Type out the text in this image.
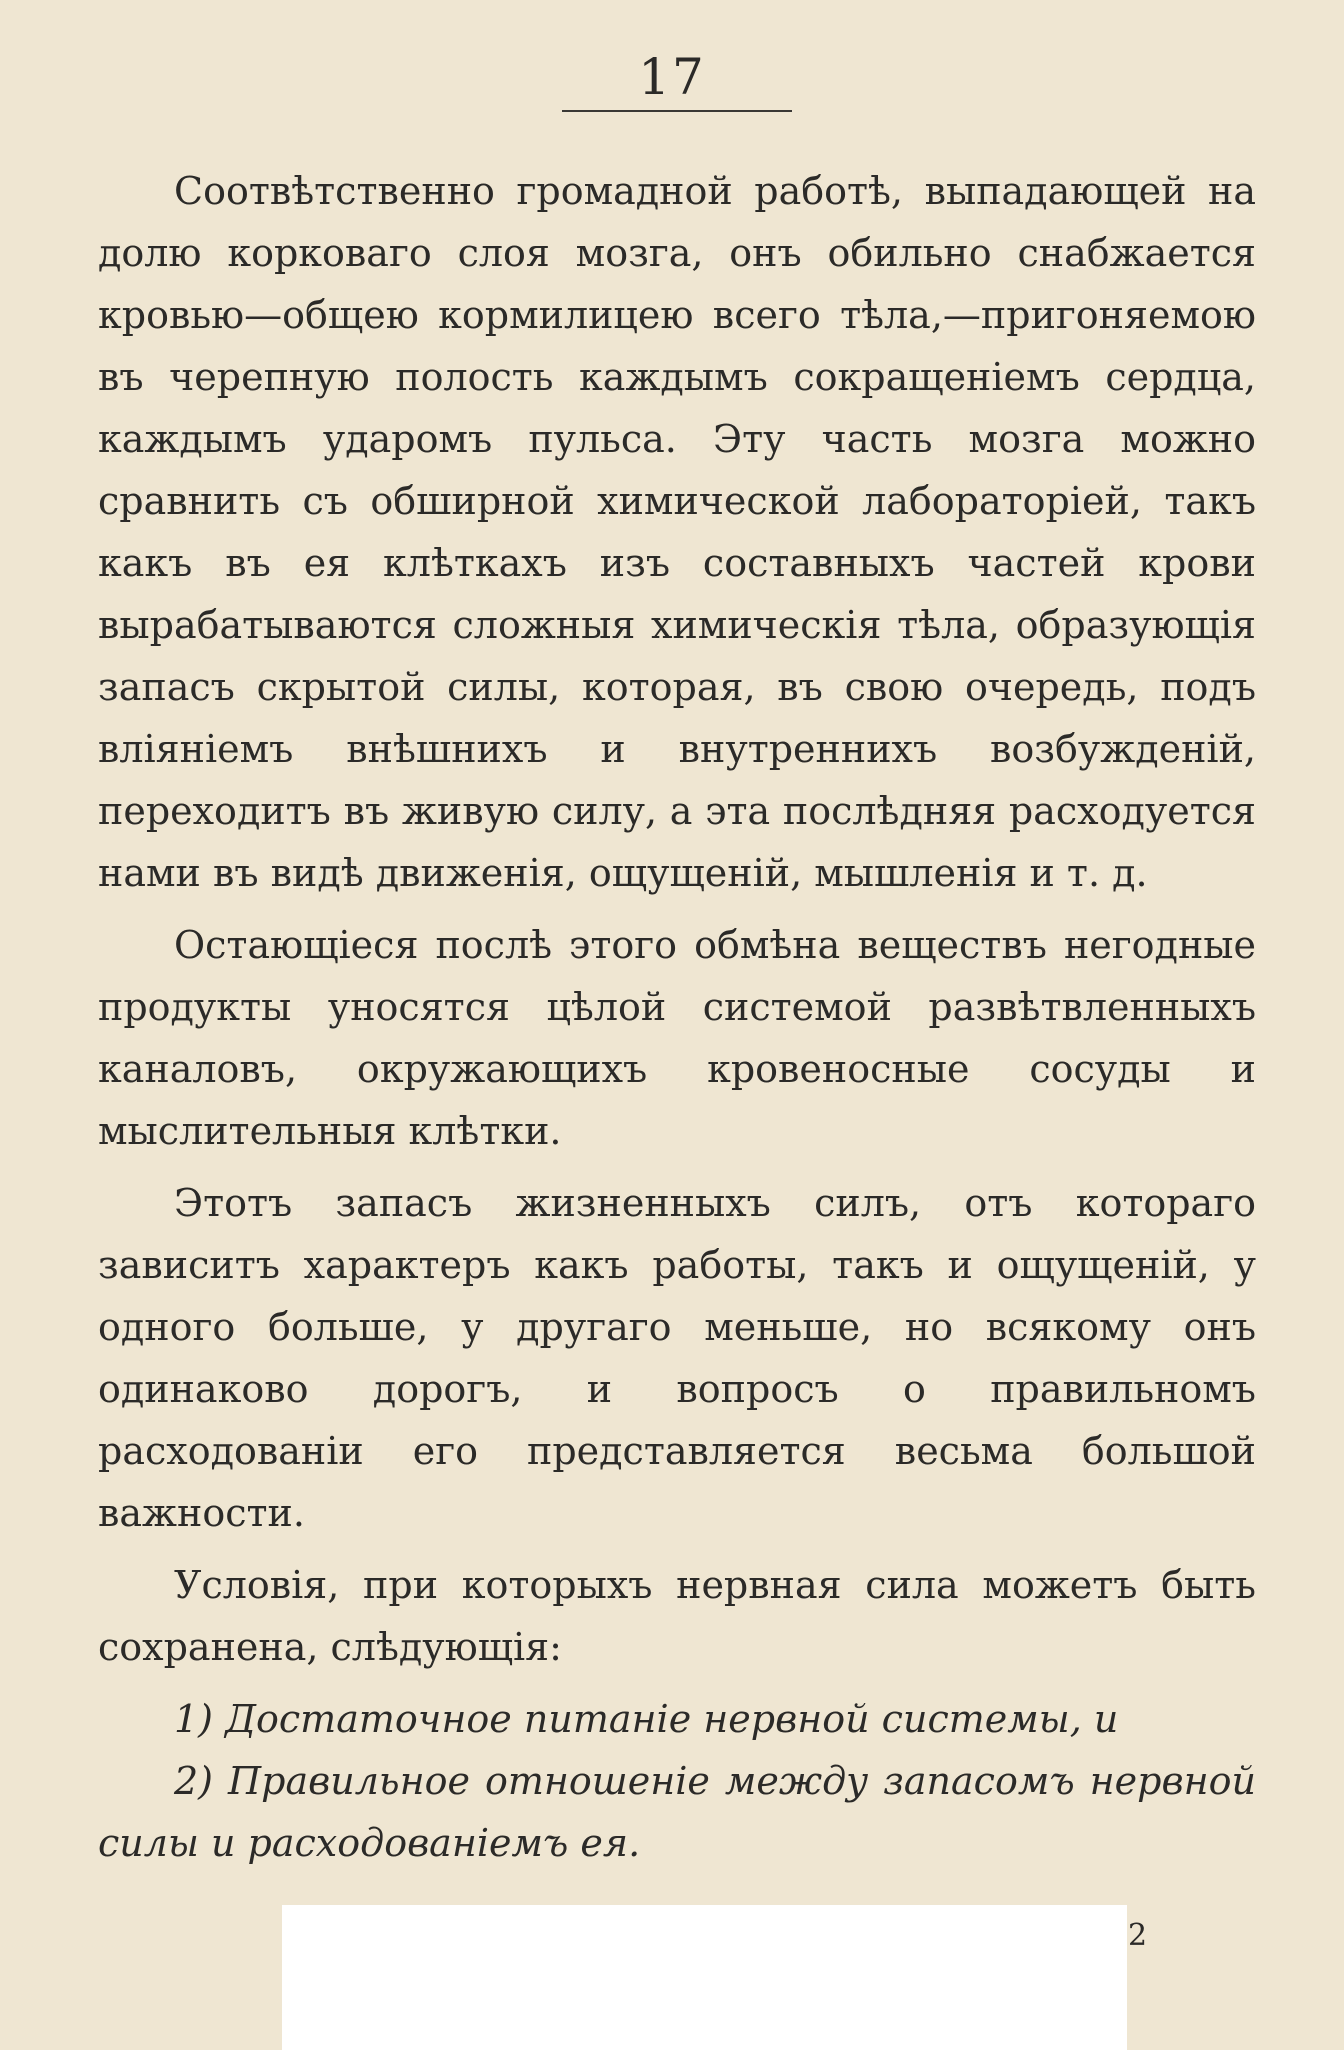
17

Соотвѣтственно громадной работѣ, выпадающей на долю корковаго слоя мозга, онъ обильно снабжается кровью—общею кормилицею всего тѣла,—пригоняемою въ черепную полость каждымъ сокращеніемъ сердца, каждымъ ударомъ пульса. Эту часть мозга можно сравнить съ обширной химической лабораторіей, такъ какъ въ ея клѣткахъ изъ составныхъ частей крови вырабатываются сложныя химическія тѣла, образующія запасъ скрытой силы, которая, въ свою очередь, подъ вліяніемъ внѣшнихъ и внутреннихъ возбужденій, переходитъ въ живую силу, а эта послѣдняя расходуется нами въ видѣ движенія, ощущеній, мышленія и т. д.

Остающіеся послѣ этого обмѣна веществъ негодные продукты уносятся цѣлой системой развѣтвленныхъ каналовъ, окружающихъ кровеносные сосуды и мыслительныя клѣтки.

Этотъ запасъ жизненныхъ силъ, отъ котораго зависитъ характеръ какъ работы, такъ и ощущеній, у одного больше, у другаго меньше, но всякому онъ одинаково дорогъ, и вопросъ о правильномъ расходованіи его представляется весьма большой важности.

Условія, при которыхъ нервная сила можетъ быть сохранена, слѣдующія:

1) Достаточное питаніе нервной системы, и

2) Правильное отношеніе между запасомъ нервной силы и расходованіемъ ея.

2
